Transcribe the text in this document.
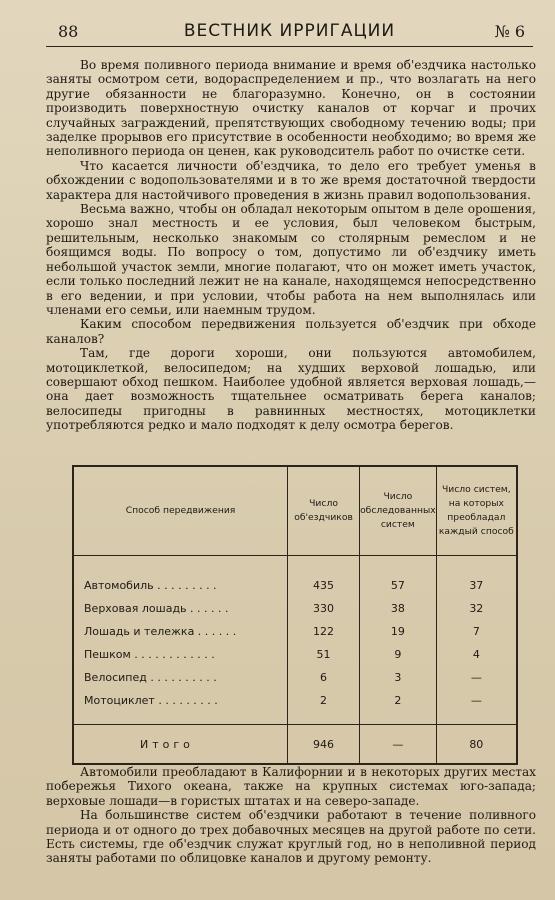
88	ВЕСТНИК ИРРИГАЦИИ	№ 6

Во время поливного периода внимание и время об'ездчика настолько заняты осмотром сети, водораспределением и пр., что возлагать на него другие обязанности не благоразумно. Конечно, он в состоянии производить поверхностную очистку каналов от корчаг и прочих случайных заграждений, препятствующих свободному течению воды; при заделке прорывов его присутствие в особенности необходимо; во время же неполивного периода он ценен, как руководситель работ по очистке сети.

Что касается личности об'ездчика, то дело его требует уменья в обхождении с водопользователями и в то же время достаточной твердости характера для настойчивого проведения в жизнь правил водопользования.

Весьма важно, чтобы он обладал некоторым опытом в деле орошения, хорошо знал местность и ее условия, был человеком быстрым, решительным, несколько знакомым со столярным ремеслом и не боящимся воды. По вопросу о том, допустимо ли об'ездчику иметь небольшой участок земли, многие полагают, что он может иметь участок, если только последний лежит не на канале, находящемся непосредственно в его ведении, и при условии, чтобы работа на нем выполнялась или членами его семьи, или наемным трудом.

Каким способом передвижения пользуется об'ездчик при обходе каналов?

Там, где дороги хороши, они пользуются автомобилем, мотоциклеткой, велосипедом; на худших верховой лошадью, или совершают обход пешком. Наиболее удобной является верховая лошадь,—она дает возможность тщательнее осматривать берега каналов; велосипеды пригодны в равнинных местностях, мотоциклетки употребляются редко и мало подходят к делу осмотра берегов.

Способ передвижения	Число об'ездчиков	Число обследованных систем	Число систем, на которых преобладал каждый способ
Автомобиль . . . . . . . . .	435	57	37
Верховая лошадь . . . . . .	330	38	32
Лошадь и тележка . . . . . .	122	19	7
Пешком . . . . . . . . . . . .	51	9	4
Велосипед . . . . . . . . . .	6	3	—
Мотоциклет . . . . . . . . .	2	2	—
Итого	946	—	80

Автомобили преобладают в Калифорнии и в некоторых других местах побережья Тихого океана, также на крупных системах юго-запада; верховые лошади—в гористых штатах и на северо-западе.

На большинстве систем об'ездчики работают в течение поливного периода и от одного до трех добавочных месяцев на другой работе по сети. Есть системы, где об'ездчик служат круглый год, но в неполивной период заняты работами по облицовке каналов и другому ремонту.
